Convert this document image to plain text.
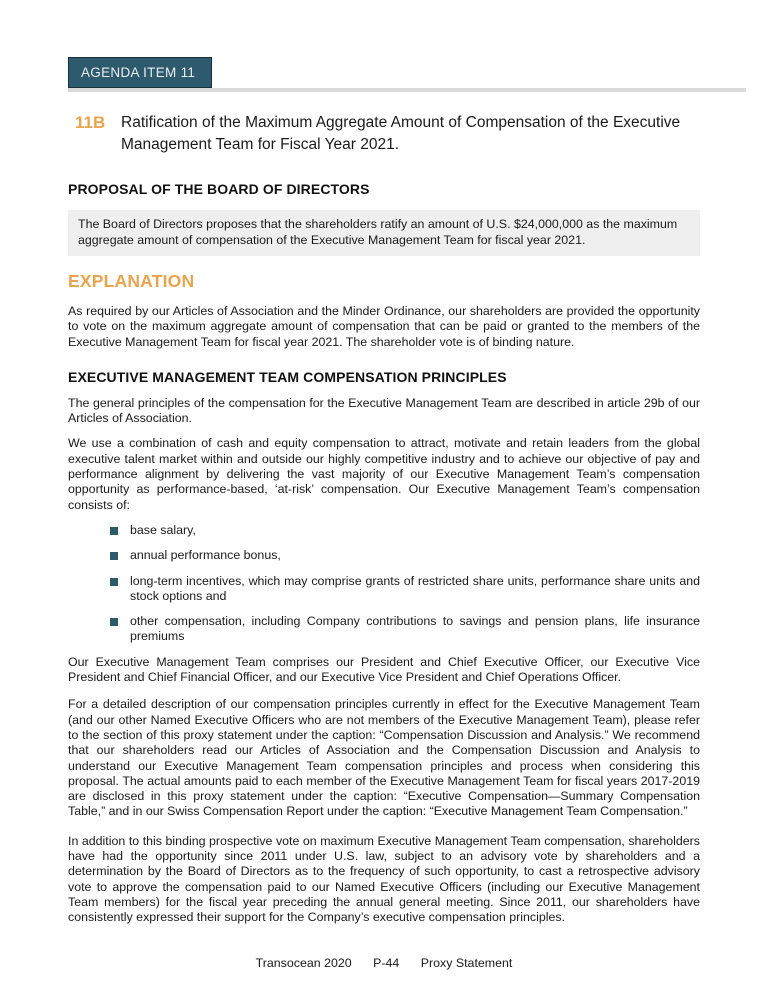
AGENDA ITEM 11
11B	Ratification of the Maximum Aggregate Amount of Compensation of the Executive Management Team for Fiscal Year 2021.
PROPOSAL OF THE BOARD OF DIRECTORS
The Board of Directors proposes that the shareholders ratify an amount of U.S. $24,000,000 as the maximum aggregate amount of compensation of the Executive Management Team for fiscal year 2021.
EXPLANATION
As required by our Articles of Association and the Minder Ordinance, our shareholders are provided the opportunity to vote on the maximum aggregate amount of compensation that can be paid or granted to the members of the Executive Management Team for fiscal year 2021. The shareholder vote is of binding nature.
EXECUTIVE MANAGEMENT TEAM COMPENSATION PRINCIPLES
The general principles of the compensation for the Executive Management Team are described in article 29b of our Articles of Association.
We use a combination of cash and equity compensation to attract, motivate and retain leaders from the global executive talent market within and outside our highly competitive industry and to achieve our objective of pay and performance alignment by delivering the vast majority of our Executive Management Team’s compensation opportunity as performance-based, ‘at-risk’ compensation. Our Executive Management Team’s compensation consists of:
base salary,
annual performance bonus,
long-term incentives, which may comprise grants of restricted share units, performance share units and stock options and
other compensation, including Company contributions to savings and pension plans, life insurance premiums
Our Executive Management Team comprises our President and Chief Executive Officer, our Executive Vice President and Chief Financial Officer, and our Executive Vice President and Chief Operations Officer.
For a detailed description of our compensation principles currently in effect for the Executive Management Team (and our other Named Executive Officers who are not members of the Executive Management Team), please refer to the section of this proxy statement under the caption: “Compensation Discussion and Analysis.” We recommend that our shareholders read our Articles of Association and the Compensation Discussion and Analysis to understand our Executive Management Team compensation principles and process when considering this proposal. The actual amounts paid to each member of the Executive Management Team for fiscal years 2017-2019 are disclosed in this proxy statement under the caption: “Executive Compensation—Summary Compensation Table,” and in our Swiss Compensation Report under the caption: “Executive Management Team Compensation.”
In addition to this binding prospective vote on maximum Executive Management Team compensation, shareholders have had the opportunity since 2011 under U.S. law, subject to an advisory vote by shareholders and a determination by the Board of Directors as to the frequency of such opportunity, to cast a retrospective advisory vote to approve the compensation paid to our Named Executive Officers (including our Executive Management Team members) for the fiscal year preceding the annual general meeting. Since 2011, our shareholders have consistently expressed their support for the Company’s executive compensation principles.
Transocean 2020 P-44 Proxy Statement
